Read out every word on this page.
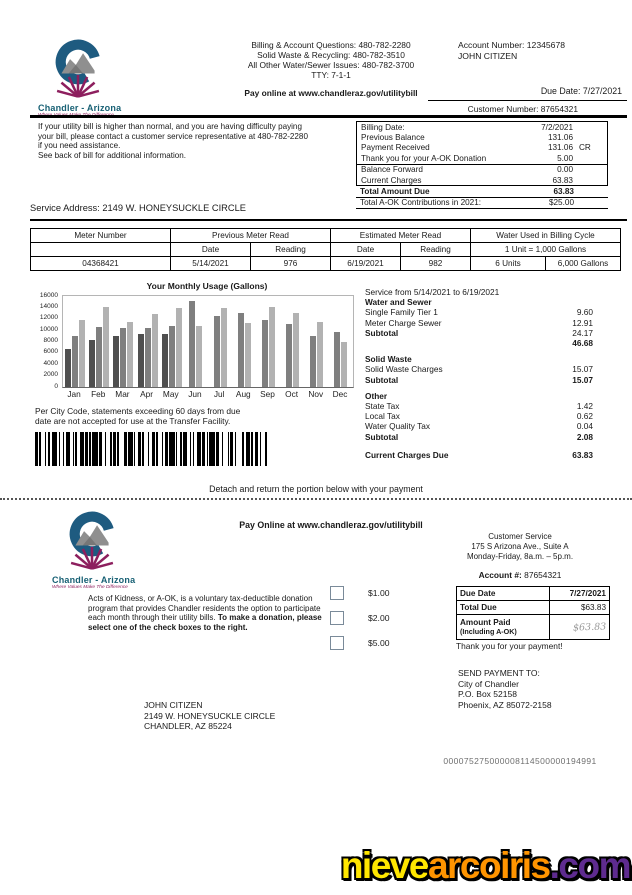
Chandler - Arizona
Billing & Account Questions: 480-782-2280
Solid Waste & Recycling: 480-782-3510
All Other Water/Sewer Issues: 480-782-3700
TTY: 7-1-1
Pay online at www.chandleraz.gov/utilitybill
Account Number: 12345678
JOHN CITIZEN
Due Date: 7/27/2021
Customer Number: 87654321
If your utility bill is higher than normal, and you are having difficulty paying
your bill, please contact a customer service representative at 480-782-2280
if you need assistance.
See back of bill for additional information.
Billing Date:	7/2/2021
Previous Balance	131.06
Payment Received	131.06 CR
Thank you for your A-OK Donation	5.00
Balance Forward	0.00
Current Charges	63.83
Total Amount Due	63.83
Total A-OK Contributions in 2021:	$25.00
Service Address: 2149 W. HONEYSUCKLE CIRCLE
Meter Number	Previous Meter Read		Estimated Meter Read		Water Used in Billing Cycle	
	Date	Reading	Date	Reading	1 Unit = 1,000 Gallons	
04368421	5/14/2021	976	6/19/2021	982	6 Units	6,000 Gallons
Your Monthly Usage (Gallons)
16000
14000
12000
10000
8000
6000
4000
2000
0
Jan	Feb	Mar	Apr	May	Jun	Jul	Aug	Sep	Oct	Nov	Dec
Service from 5/14/2021 to 6/19/2021
Water and Sewer
Single Family Tier 1	9.60
Meter Charge Sewer	12.91
Subtotal	24.17
46.68
Solid Waste
Solid Waste Charges	15.07
Subtotal	15.07
Other
State Tax	1.42
Local Tax	0.62
Water Quality Tax	0.04
Subtotal	2.08
Current Charges Due	63.83
Per City Code, statements exceeding 60 days from due
date are not accepted for use at the Transfer Facility.
Detach and return the portion below with your payment
Chandler - Arizona
Where Values Make The Difference
Pay Online at www.chandleraz.gov/utilitybill
Customer Service
175 S Arizona Ave., Suite A
Monday-Friday, 8a.m. – 5p.m.
Account #: 87654321
Acts of Kidness, or A-OK, is a voluntary tax-deductible donation program that provides Chandler residents the option to participate each month through their utility bills. To make a donation, please select one of the check boxes to the right.
$1.00
$2.00
$5.00
Due Date	7/27/2021
Total Due	$63.83

Amount Paid
(Including A-OK)	$63.83
Thank you for your payment!
SEND PAYMENT TO:
City of Chandler
P.O. Box 52158
Phoenix, AZ 85072-2158
JOHN CITIZEN
2149 W. HONEYSUCKLE CIRCLE
CHANDLER, AZ 85224
000075275000008114500000194991
nievearcoiris.com
